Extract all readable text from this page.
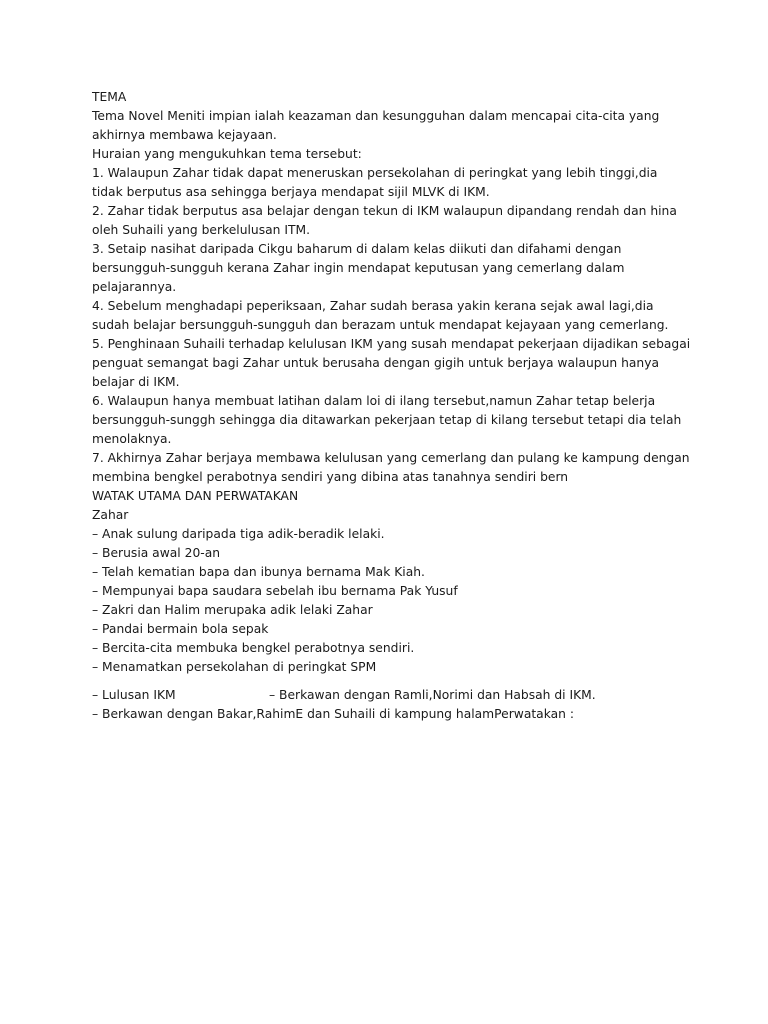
TEMA

Tema Novel Meniti impian ialah keazaman dan kesungguhan dalam mencapai cita-cita yang akhirnya membawa kejayaan.

Huraian yang mengukuhkan tema tersebut:

1. Walaupun Zahar tidak dapat meneruskan persekolahan di peringkat yang lebih tinggi,dia tidak berputus asa sehingga berjaya mendapat sijil MLVK di IKM.

2. Zahar tidak berputus asa belajar dengan tekun di IKM walaupun dipandang rendah dan hina oleh Suhaili yang berkelulusan ITM.

3. Setaip nasihat daripada Cikgu baharum di dalam kelas diikuti dan difahami dengan bersungguh-sungguh kerana Zahar ingin mendapat keputusan yang cemerlang dalam pelajarannya.

4. Sebelum menghadapi peperiksaan, Zahar sudah berasa yakin kerana sejak awal lagi,dia sudah belajar bersungguh-sungguh dan berazam untuk mendapat kejayaan yang cemerlang.

5. Penghinaan Suhaili terhadap kelulusan IKM yang susah mendapat pekerjaan dijadikan sebagai penguat semangat bagi Zahar untuk berusaha dengan gigih untuk berjaya walaupun hanya belajar di IKM.

6. Walaupun hanya membuat latihan dalam loi di ilang tersebut,namun Zahar tetap belerja bersungguh-sunggh sehingga dia ditawarkan pekerjaan tetap di kilang tersebut tetapi dia telah menolaknya.

7. Akhirnya Zahar berjaya membawa kelulusan yang cemerlang dan pulang ke kampung dengan membina bengkel perabotnya sendiri yang dibina atas tanahnya sendiri bern

WATAK UTAMA DAN PERWATAKAN

Zahar

– Anak sulung daripada tiga adik-beradik lelaki.

– Berusia awal 20-an

– Telah kematian bapa dan ibunya bernama Mak Kiah.

– Mempunyai bapa saudara sebelah ibu bernama Pak Yusuf

– Zakri dan Halim merupaka adik lelaki Zahar

– Pandai bermain bola sepak

– Bercita-cita membuka bengkel perabotnya sendiri.

– Menamatkan persekolahan di peringkat SPM

– Lulusan IKM	– Berkawan dengan Ramli,Norimi dan Habsah di IKM.

– Berkawan dengan Bakar,RahimE dan Suhaili di kampung halamPerwatakan :
